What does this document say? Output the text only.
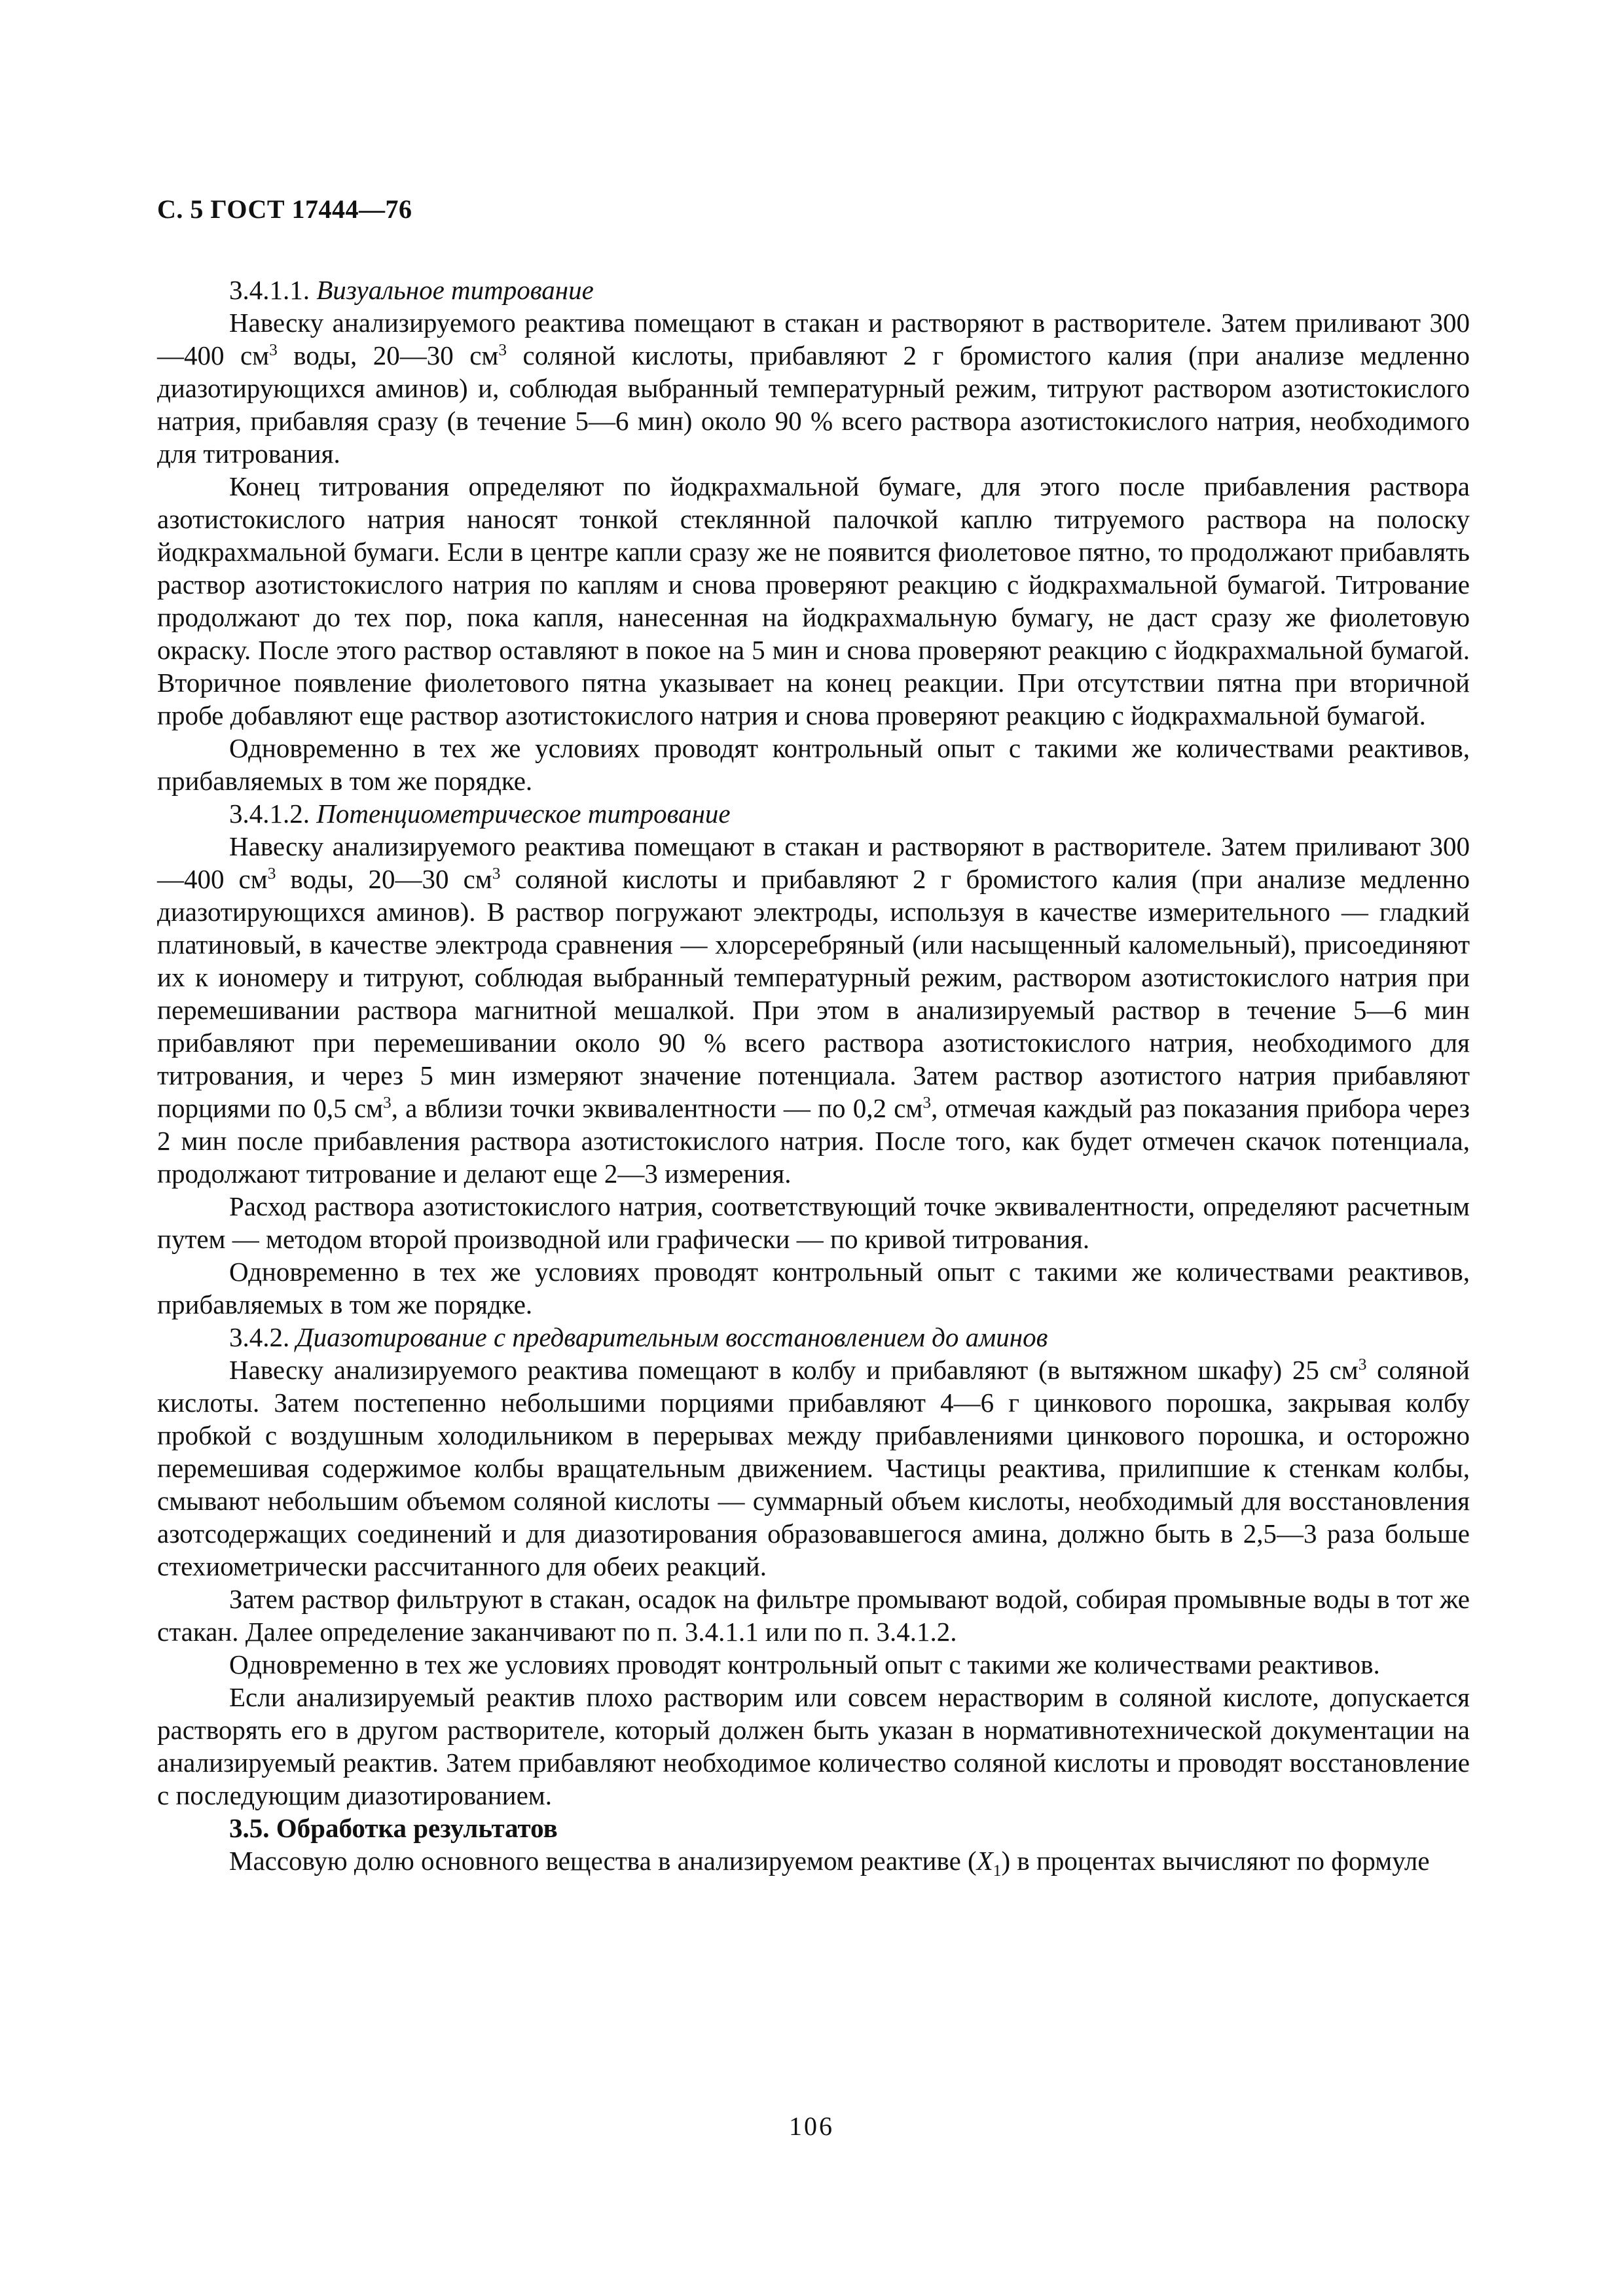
С. 5 ГОСТ 17444—76

3.4.1.1. Визуальное титрование

Навеску анализируемого реактива помещают в стакан и растворяют в растворителе. Затем приливают 300—400 $см^3$ воды, 20—30 $см^3$ соляной кислоты, прибавляют 2 г бромистого калия (при анализе медленно диазотирующихся аминов) и, соблюдая выбранный температурный режим, титруют раствором азотистокислого натрия, прибавляя сразу (в течение 5—6 мин) около 90 % всего раствора азотистокислого натрия, необходимого для титрования.

Конец титрования определяют по йодкрахмальной бумаге, для этого после прибавления раствора азотистокислого натрия наносят тонкой стеклянной палочкой каплю титруемого раствора на полоску йодкрахмальной бумаги. Если в центре капли сразу же не появится фиолетовое пятно, то продолжают прибавлять раствор азотистокислого натрия по каплям и снова проверяют реакцию с йодкрахмальной бумагой. Титрование продолжают до тех пор, пока капля, нанесенная на йодкрахмальную бумагу, не даст сразу же фиолетовую окраску. После этого раствор оставляют в покое на 5 мин и снова проверяют реакцию с йодкрахмальной бумагой. Вторичное появление фиолетового пятна указывает на конец реакции. При отсутствии пятна при вторичной пробе добавляют еще раствор азотистокислого натрия и снова проверяют реакцию с йодкрахмальной бумагой.

Одновременно в тех же условиях проводят контрольный опыт с такими же количествами реактивов, прибавляемых в том же порядке.

3.4.1.2. Потенциометрическое титрование

Навеску анализируемого реактива помещают в стакан и растворяют в растворителе. Затем приливают 300—400 $см^3$ воды, 20—30 $см^3$ соляной кислоты и прибавляют 2 г бромистого калия (при анализе медленно диазотирующихся аминов). В раствор погружают электроды, используя в качестве измерительного — гладкий платиновый, в качестве электрода сравнения — хлорсеребряный (или насыщенный каломельный), присоединяют их к иономеру и титруют, соблюдая выбранный температурный режим, раствором азотистокислого натрия при перемешивании раствора магнитной мешалкой. При этом в анализируемый раствор в течение 5—6 мин прибавляют при перемешивании около 90 % всего раствора азотистокислого натрия, необходимого для титрования, и через 5 мин измеряют значение потенциала. Затем раствор азотистого натрия прибавляют порциями по 0,5 $см^3$, а вблизи точки эквивалентности — по 0,2 $см^3$, отмечая каждый раз показания прибора через 2 мин после прибавления раствора азотистокислого натрия. После того, как будет отмечен скачок потенциала, продолжают титрование и делают еще 2—3 измерения.

Расход раствора азотистокислого натрия, соответствующий точке эквивалентности, определяют расчетным путем — методом второй производной или графически — по кривой титрования.

Одновременно в тех же условиях проводят контрольный опыт с такими же количествами реактивов, прибавляемых в том же порядке.

3.4.2. Диазотирование с предварительным восстановлением до аминов

Навеску анализируемого реактива помещают в колбу и прибавляют (в вытяжном шкафу) 25 $см^3$ соляной кислоты. Затем постепенно небольшими порциями прибавляют 4—6 г цинкового порошка, закрывая колбу пробкой с воздушным холодильником в перерывах между прибавлениями цинкового порошка, и осторожно перемешивая содержимое колбы вращательным движением. Частицы реактива, прилипшие к стенкам колбы, смывают небольшим объемом соляной кислоты — суммарный объем кислоты, необходимый для восстановления азотсодержащих соединений и для диазотирования образовавшегося амина, должно быть в 2,5—3 раза больше стехиометрически рассчитанного для обеих реакций.

Затем раствор фильтруют в стакан, осадок на фильтре промывают водой, собирая промывные воды в тот же стакан. Далее определение заканчивают по п. 3.4.1.1 или по п. 3.4.1.2.

Одновременно в тех же условиях проводят контрольный опыт с такими же количествами реактивов.

Если анализируемый реактив плохо растворим или совсем нерастворим в соляной кислоте, допускается растворять его в другом растворителе, который должен быть указан в нормативнотехнической документации на анализируемый реактив. Затем прибавляют необходимое количество соляной кислоты и проводят восстановление с последующим диазотированием.

3.5. Обработка результатов

Массовую долю основного вещества в анализируемом реактиве $(X_1)$ в процентах вычисляют по формуле

106
